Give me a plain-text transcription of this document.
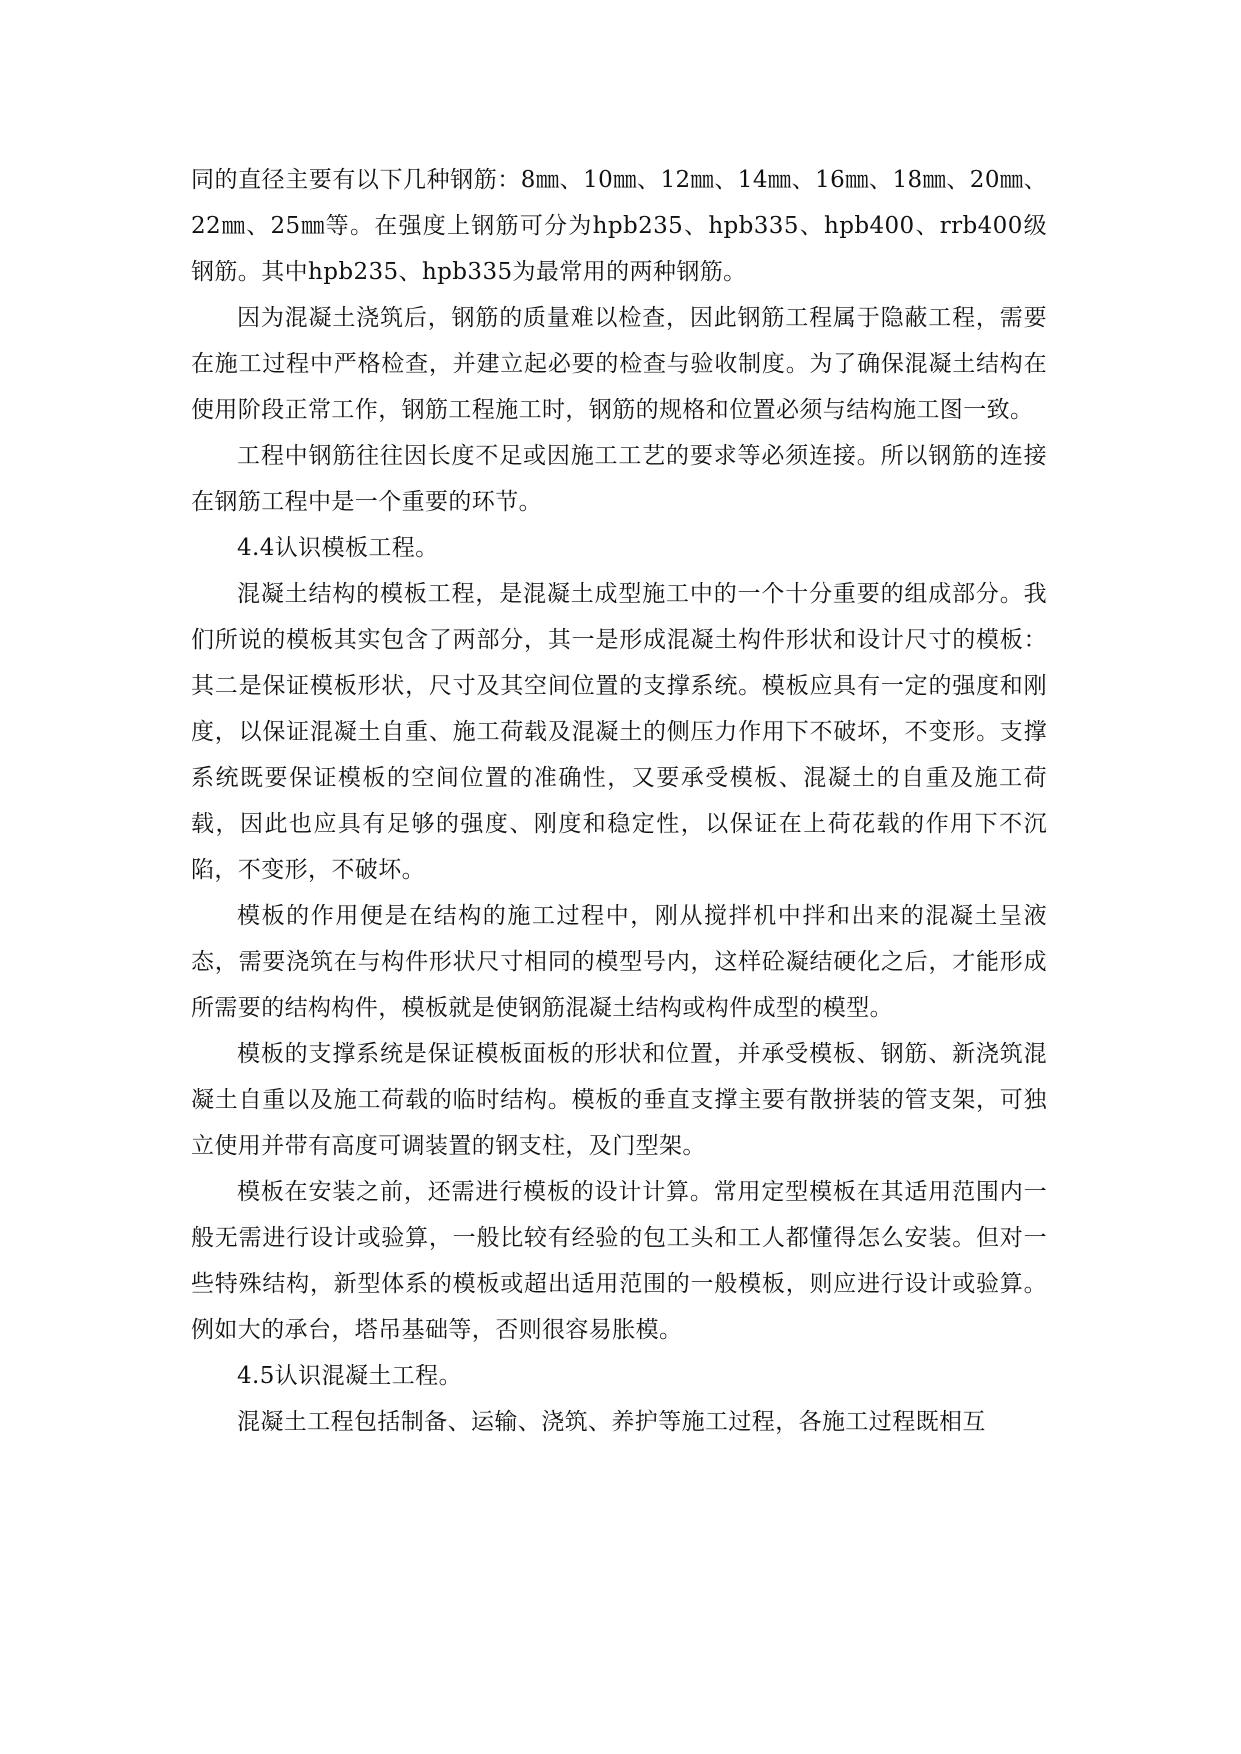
同的直径主要有以下几种钢筋：8㎜、10㎜、12㎜、14㎜、16㎜、18㎜、20㎜、22㎜、25㎜等。在强度上钢筋可分为hpb235、hpb335、hpb400、rrb400级钢筋。其中hpb235、hpb335为最常用的两种钢筋。

因为混凝土浇筑后，钢筋的质量难以检查，因此钢筋工程属于隐蔽工程，需要在施工过程中严格检查，并建立起必要的检查与验收制度。为了确保混凝土结构在使用阶段正常工作，钢筋工程施工时，钢筋的规格和位置必须与结构施工图一致。

工程中钢筋往往因长度不足或因施工工艺的要求等必须连接。所以钢筋的连接在钢筋工程中是一个重要的环节。

4.4认识模板工程。

混凝土结构的模板工程，是混凝土成型施工中的一个十分重要的组成部分。我们所说的模板其实包含了两部分，其一是形成混凝土构件形状和设计尺寸的模板：其二是保证模板形状，尺寸及其空间位置的支撑系统。模板应具有一定的强度和刚度，以保证混凝土自重、施工荷载及混凝土的侧压力作用下不破坏，不变形。支撑系统既要保证模板的空间位置的准确性，又要承受模板、混凝土的自重及施工荷载，因此也应具有足够的强度、刚度和稳定性，以保证在上荷花载的作用下不沉陷，不变形，不破坏。

模板的作用便是在结构的施工过程中，刚从搅拌机中拌和出来的混凝土呈液态，需要浇筑在与构件形状尺寸相同的模型号内，这样砼凝结硬化之后，才能形成所需要的结构构件，模板就是使钢筋混凝土结构或构件成型的模型。

模板的支撑系统是保证模板面板的形状和位置，并承受模板、钢筋、新浇筑混凝土自重以及施工荷载的临时结构。模板的垂直支撑主要有散拼装的管支架，可独立使用并带有高度可调装置的钢支柱，及门型架。

模板在安装之前，还需进行模板的设计计算。常用定型模板在其适用范围内一般无需进行设计或验算，一般比较有经验的包工头和工人都懂得怎么安装。但对一些特殊结构，新型体系的模板或超出适用范围的一般模板，则应进行设计或验算。例如大的承台，塔吊基础等，否则很容易胀模。

4.5认识混凝土工程。

混凝土工程包括制备、运输、浇筑、养护等施工过程，各施工过程既相互
